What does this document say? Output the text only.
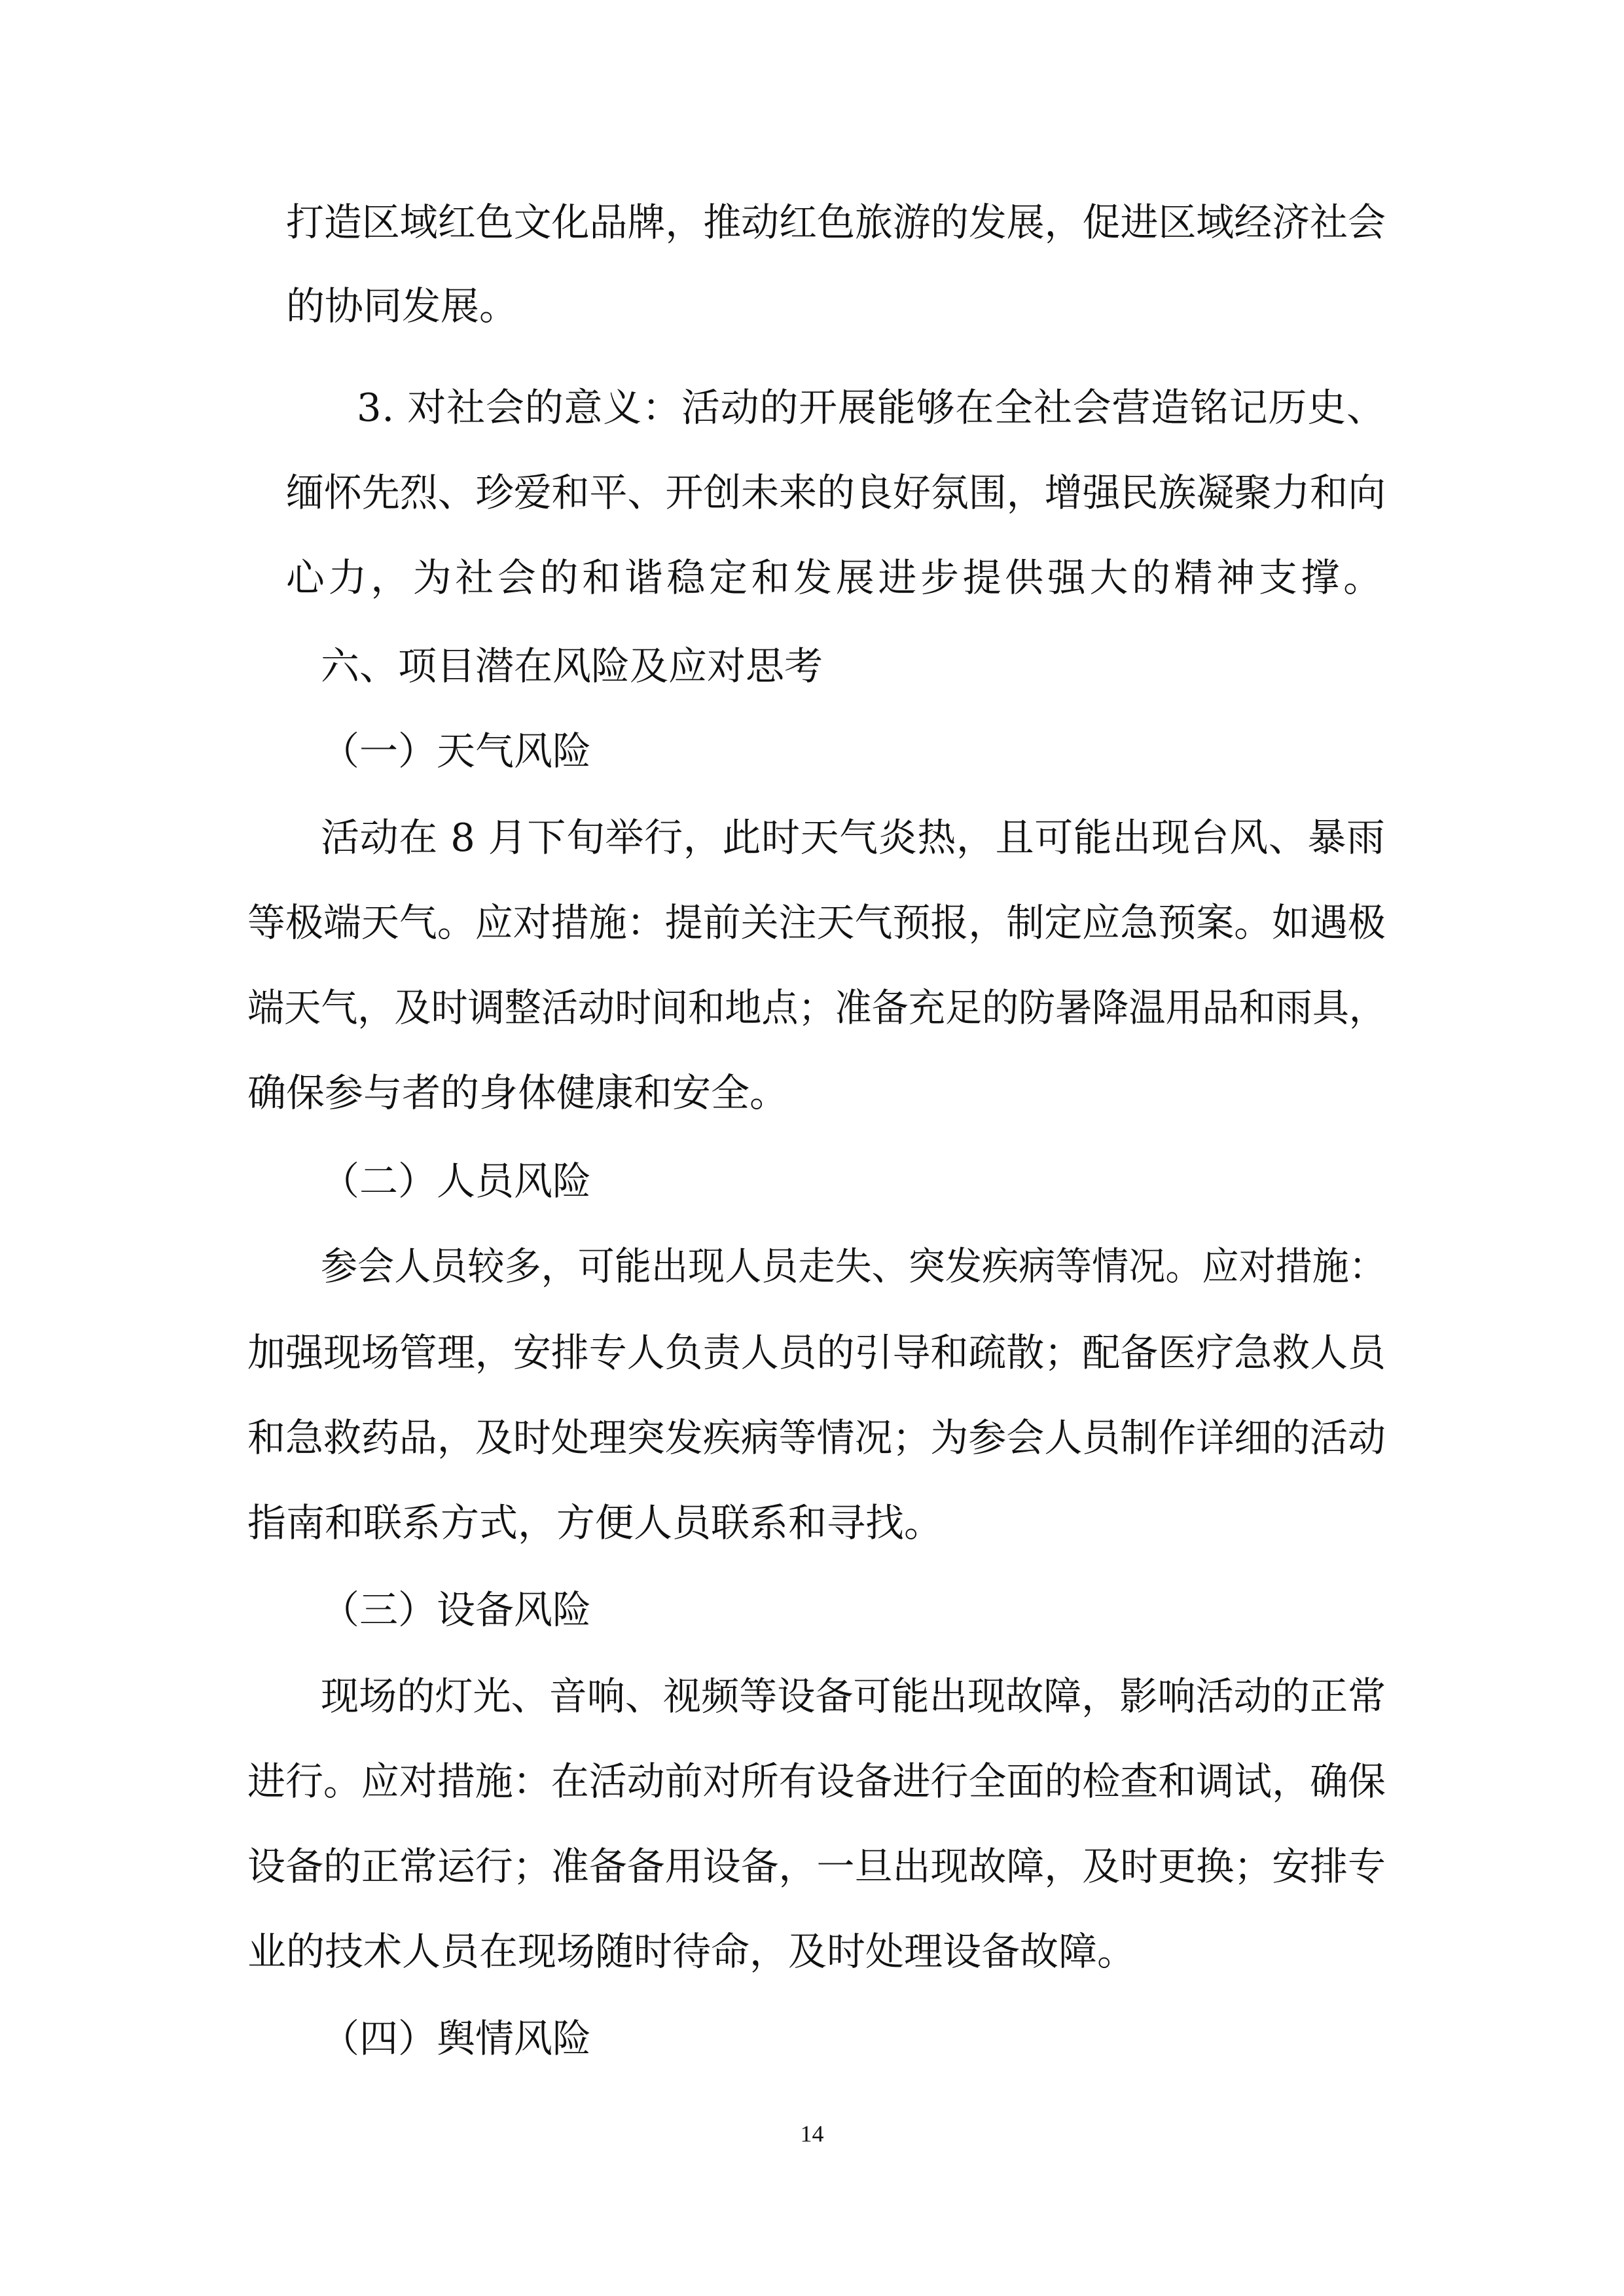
打造区域红色文化品牌，推动红色旅游的发展，促进区域经济社会

的协同发展。

3. 对社会的意义：活动的开展能够在全社会营造铭记历史、

缅怀先烈、珍爱和平、开创未来的良好氛围，增强民族凝聚力和向

心力，为社会的和谐稳定和发展进步提供强大的精神支撑。

六、项目潜在风险及应对思考

（一）天气风险

活动在 8 月下旬举行，此时天气炎热，且可能出现台风、暴雨

等极端天气。应对措施：提前关注天气预报，制定应急预案。如遇极

端天气，及时调整活动时间和地点；准备充足的防暑降温用品和雨具，

确保参与者的身体健康和安全。

（二）人员风险

参会人员较多，可能出现人员走失、突发疾病等情况。应对措施：

加强现场管理，安排专人负责人员的引导和疏散；配备医疗急救人员

和急救药品，及时处理突发疾病等情况；为参会人员制作详细的活动

指南和联系方式，方便人员联系和寻找。

（三）设备风险

现场的灯光、音响、视频等设备可能出现故障，影响活动的正常

进行。应对措施：在活动前对所有设备进行全面的检查和调试，确保

设备的正常运行；准备备用设备，一旦出现故障，及时更换；安排专

业的技术人员在现场随时待命，及时处理设备故障。

（四）舆情风险

14
